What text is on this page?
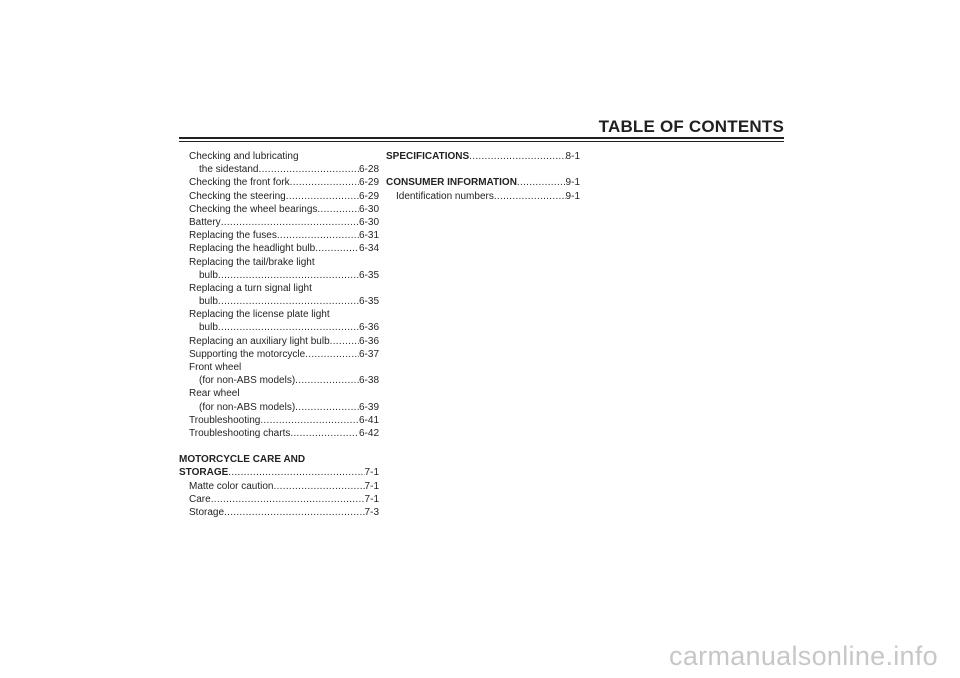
TABLE OF CONTENTS
Checking and lubricating
the sidestand .....	6-28
Checking the front fork .....	6-29
Checking the steering .....	6-29
Checking the wheel bearings .....	6-30
Battery .....	6-30
Replacing the fuses .....	6-31
Replacing the headlight bulb .....	6-34
Replacing the tail/brake light
bulb .....	6-35
Replacing a turn signal light
bulb .....	6-35
Replacing the license plate light
bulb .....	6-36
Replacing an auxiliary light bulb .....	6-36
Supporting the motorcycle .....	6-37
Front wheel
(for non-ABS models) .....	6-38
Rear wheel
(for non-ABS models) .....	6-39
Troubleshooting .....	6-41
Troubleshooting charts .....	6-42
MOTORCYCLE CARE AND
STORAGE .....	7-1
Matte color caution .....	7-1
Care .....	7-1
Storage .....	7-3
SPECIFICATIONS .....	8-1
CONSUMER INFORMATION .....	9-1
Identification numbers .....	9-1
carmanualsonline.info
